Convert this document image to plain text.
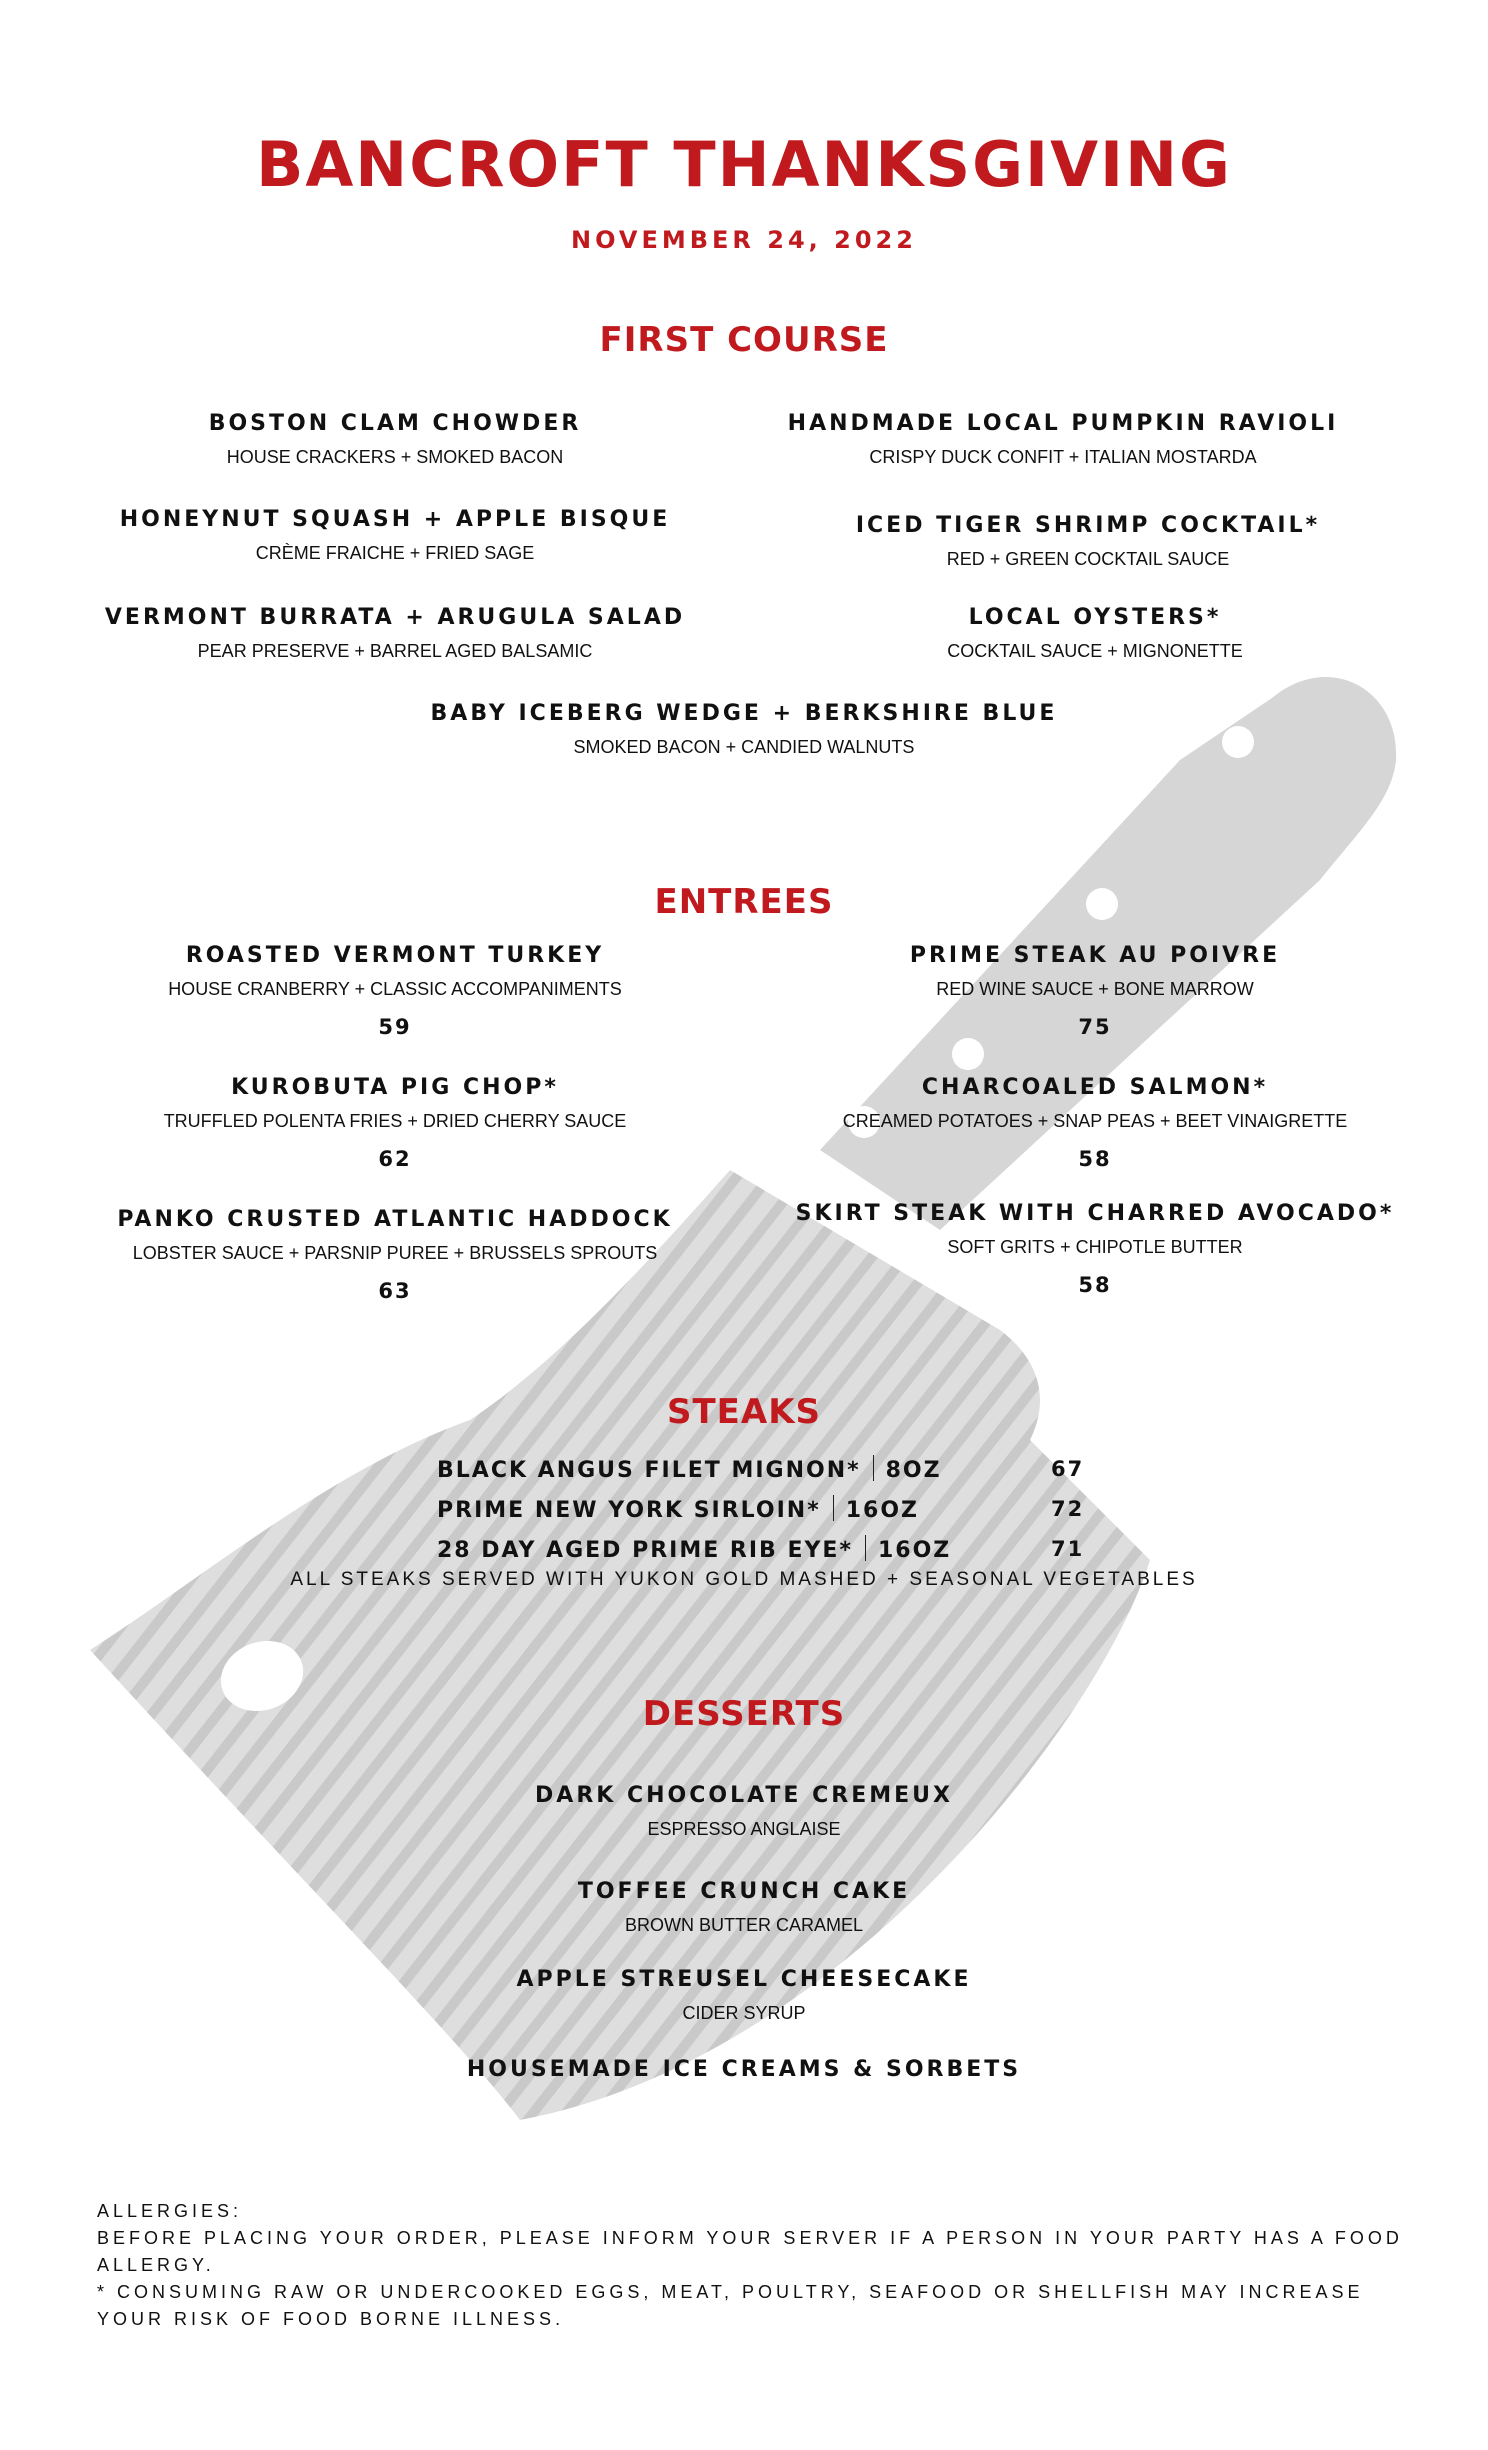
BANCROFT THANKSGIVING
NOVEMBER 24, 2022
FIRST COURSE
BOSTON CLAM CHOWDER
HOUSE CRACKERS + SMOKED BACON
HANDMADE LOCAL PUMPKIN RAVIOLI
CRISPY DUCK CONFIT + ITALIAN MOSTARDA
HONEYNUT SQUASH + APPLE BISQUE
CRÈME FRAICHE + FRIED SAGE
ICED TIGER SHRIMP COCKTAIL*
RED + GREEN COCKTAIL SAUCE
VERMONT BURRATA + ARUGULA SALAD
PEAR PRESERVE + BARREL AGED BALSAMIC
LOCAL OYSTERS*
COCKTAIL SAUCE + MIGNONETTE
BABY ICEBERG WEDGE + BERKSHIRE BLUE
SMOKED BACON + CANDIED WALNUTS
ENTREES
ROASTED VERMONT TURKEY
HOUSE CRANBERRY + CLASSIC ACCOMPANIMENTS
59
PRIME STEAK AU POIVRE
RED WINE SAUCE + BONE MARROW
75
KUROBUTA PIG CHOP*
TRUFFLED POLENTA FRIES + DRIED CHERRY SAUCE
62
CHARCOALED SALMON*
CREAMED POTATOES + SNAP PEAS + BEET VINAIGRETTE
58
PANKO CRUSTED ATLANTIC HADDOCK
LOBSTER SAUCE + PARSNIP PUREE + BRUSSELS SPROUTS
63
SKIRT STEAK WITH CHARRED AVOCADO*
SOFT GRITS + CHIPOTLE BUTTER
58
STEAKS
BLACK ANGUS FILET MIGNON* 8OZ	67
PRIME NEW YORK SIRLOIN* 16OZ	72
28 DAY AGED PRIME RIB EYE* 16OZ	71
ALL STEAKS SERVED WITH YUKON GOLD MASHED + SEASONAL VEGETABLES
DESSERTS
DARK CHOCOLATE CREMEUX
ESPRESSO ANGLAISE
TOFFEE CRUNCH CAKE
BROWN BUTTER CARAMEL
APPLE STREUSEL CHEESECAKE
CIDER SYRUP
HOUSEMADE ICE CREAMS & SORBETS
ALLERGIES:
BEFORE PLACING YOUR ORDER, PLEASE INFORM YOUR SERVER IF A PERSON IN YOUR PARTY HAS A FOOD ALLERGY.
* CONSUMING RAW OR UNDERCOOKED EGGS, MEAT, POULTRY, SEAFOOD OR SHELLFISH MAY INCREASE YOUR RISK OF FOOD BORNE ILLNESS.
